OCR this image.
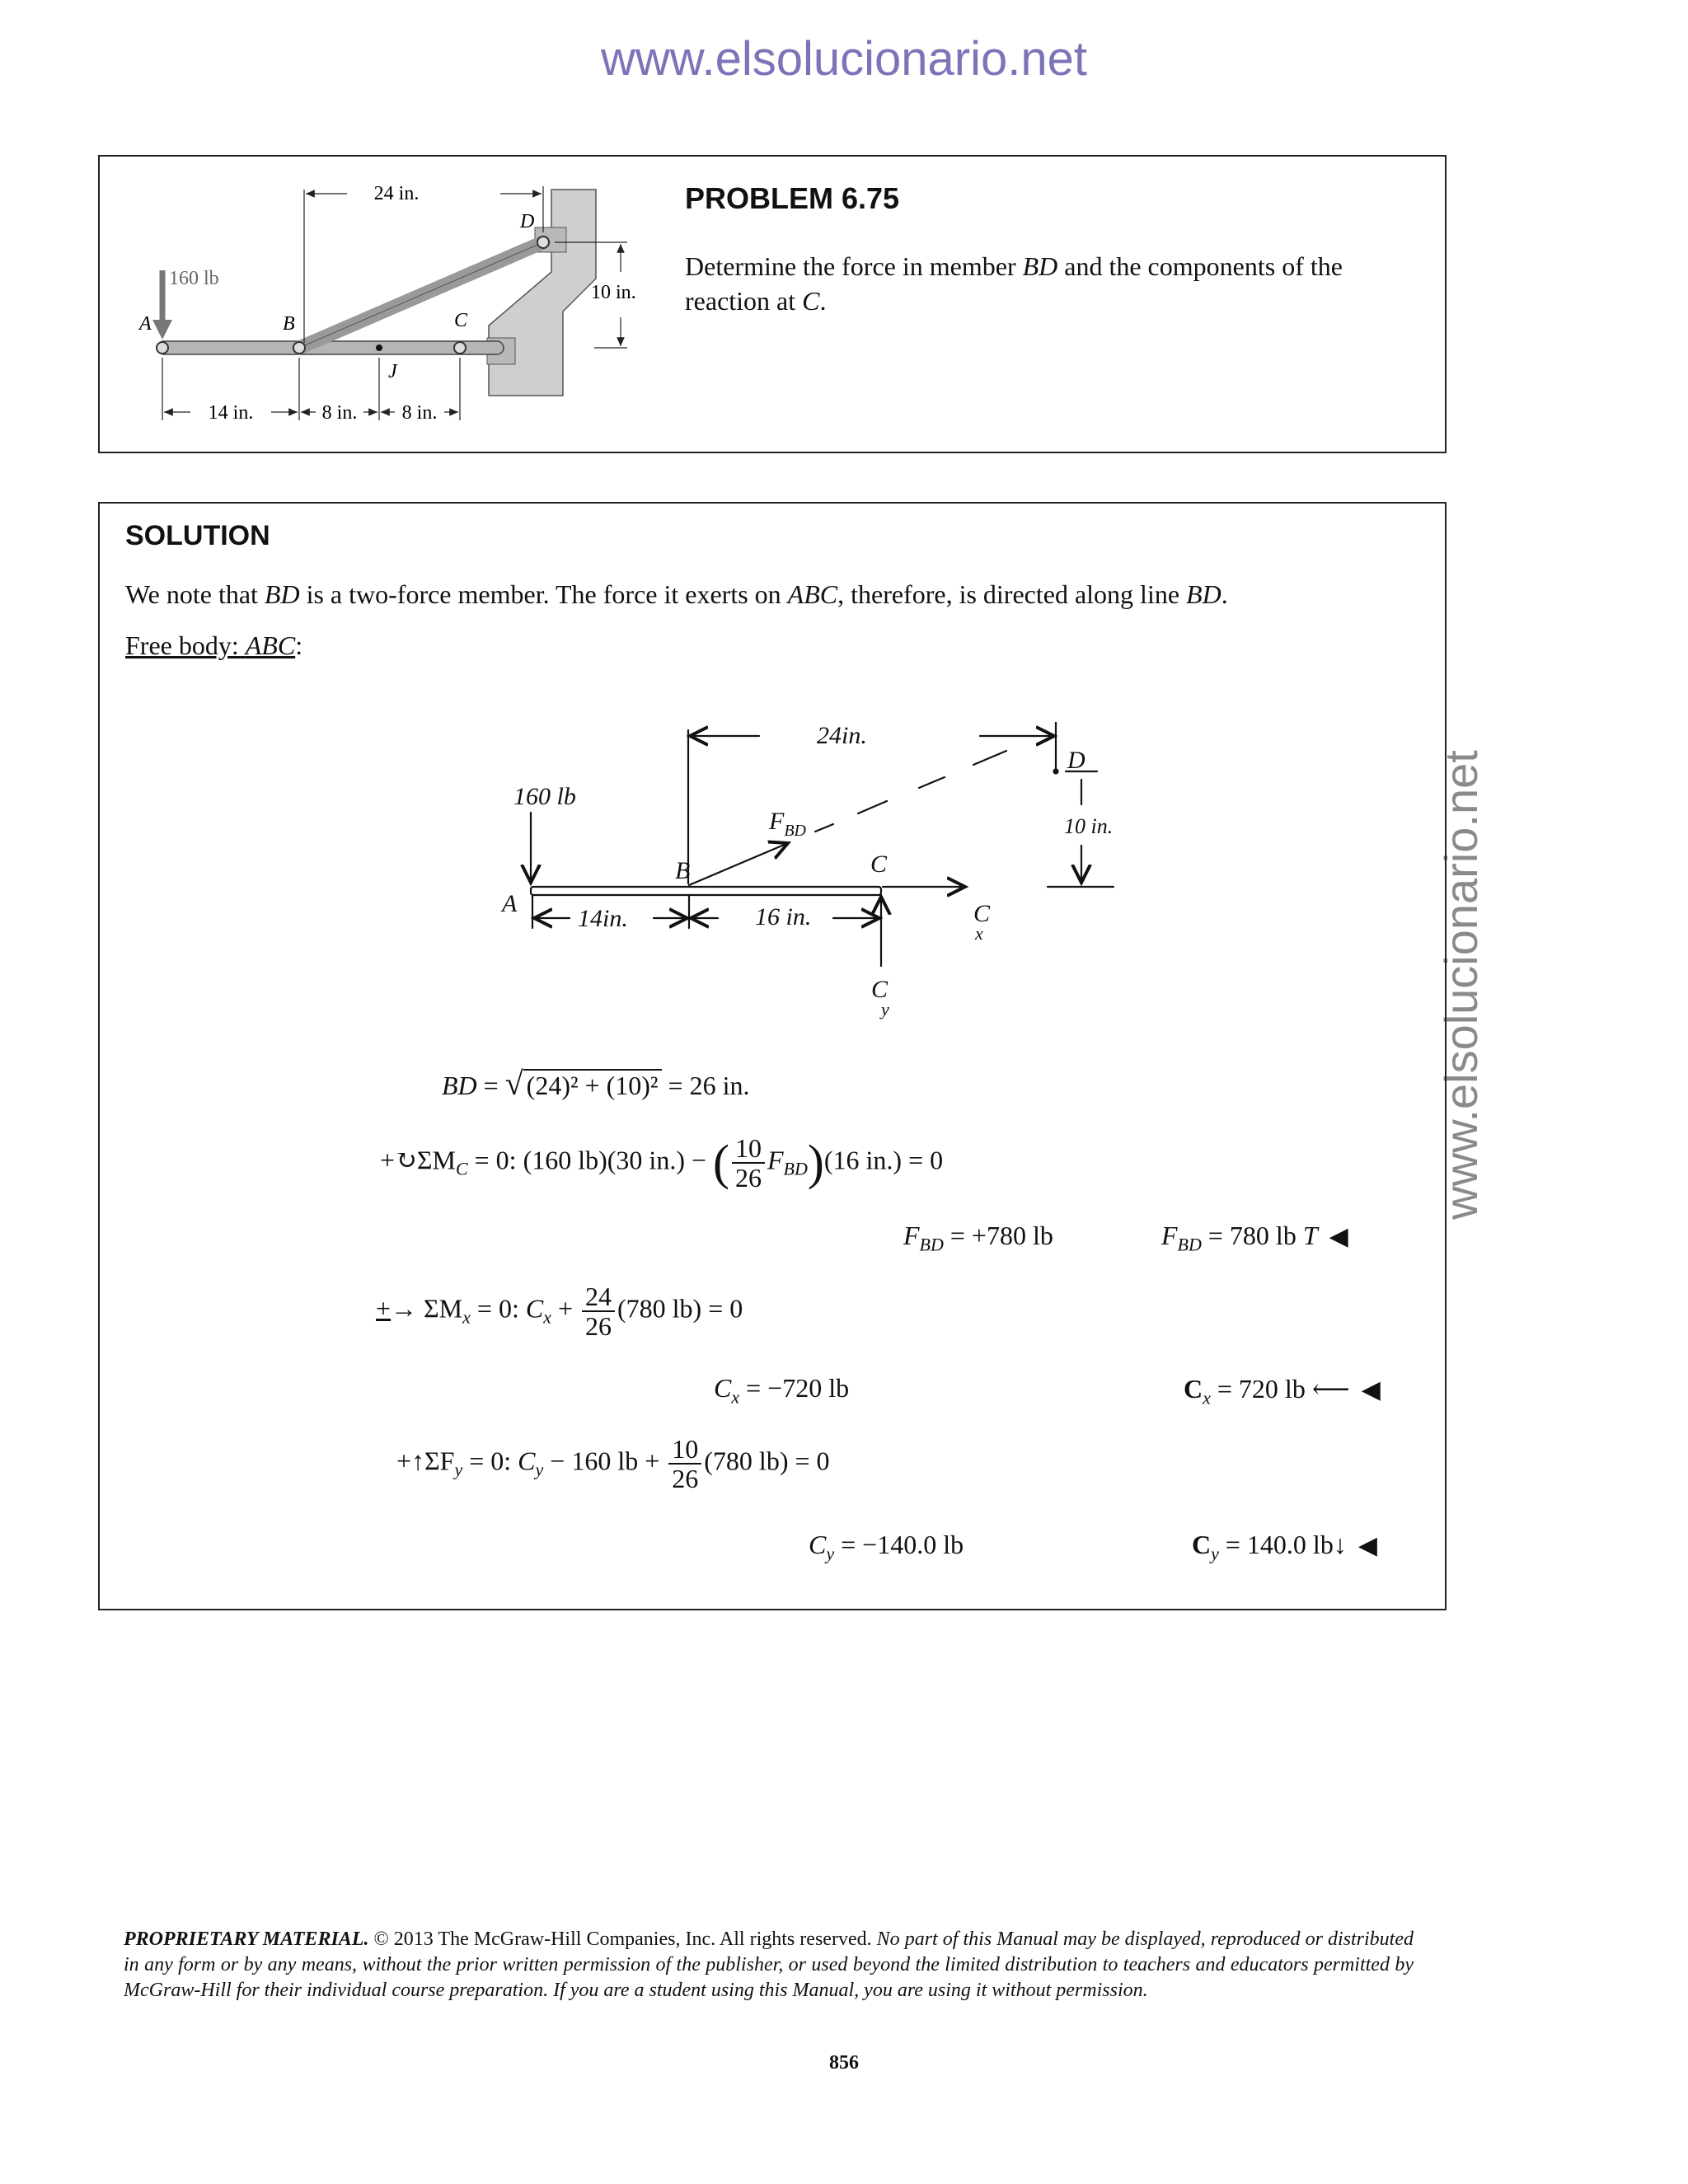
www.elsolucionario.net
www.elsolucionario.net
160 lb
A	B	C
D
J
24 in.
10 in.
14 in.	8 in. 8 in.
PROBLEM 6.75
Determine the force in member BD and the components of the reaction at C.
SOLUTION
We note that BD is a two-force member. The force it exerts on ABC, therefore, is directed along line BD.
Free body: ABC:
24in.
160 lb
A
B	C
D
$F_{BD}$	10 in.
14in.	16 in.	C x
C y
BD = √ (24)² + (10)² = 26 in.
$+↻\Sigma M_C = 0$: (160 lb)(30 in.) − ( $\frac{10}{26} F_{BD})(16$ in.) = 0
$F_{BD} = +780$ lb	$F_{BD} = 780$ lb T ◀
+→ $\Sigma M_x = 0$: $C_x + \frac{24}{26} (780$ lb) = 0
$C_x = -720$ lb	$C_x = 720$ lb ⟵ ◀
$+↑\Sigma F_y = 0$: $C_y - 160$ lb + $\frac{10}{26} (780$ lb) = 0
$C_y = -140.0$ lb	$C_y = 140.0$ lb↓ ◀
PROPRIETARY MATERIAL. © 2013 The McGraw-Hill Companies, Inc. All rights reserved. No part of this Manual may be displayed, reproduced or distributed in any form or by any means, without the prior written permission of the publisher, or used beyond the limited distribution to teachers and educators permitted by McGraw-Hill for their individual course preparation. If you are a student using this Manual, you are using it without permission.
856
